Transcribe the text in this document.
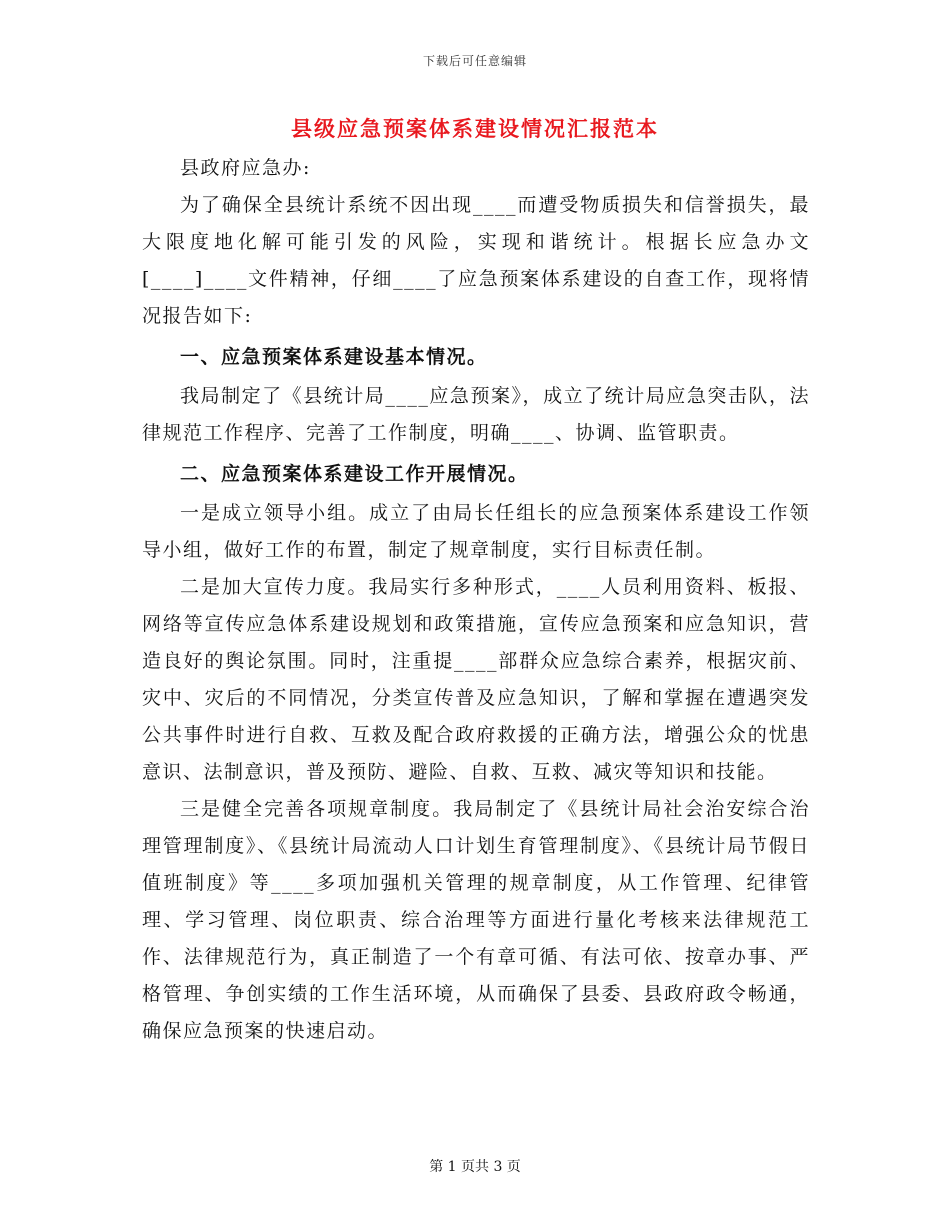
下载后可任意编辑
县级应急预案体系建设情况汇报范本

县政府应急办:

为了确保全县统计系统不因出现____而遭受物质损失和信誉损失，最大限度地化解可能引发的风险，实现和谐统计。根据长应急办文[____]____文件精神，仔细____了应急预案体系建设的自查工作，现将情况报告如下:

一、应急预案体系建设基本情况。

我局制定了《县统计局____应急预案》，成立了统计局应急突击队，法律规范工作程序、完善了工作制度，明确____、协调、监管职责。

二、应急预案体系建设工作开展情况。

一是成立领导小组。成立了由局长任组长的应急预案体系建设工作领导小组，做好工作的布置，制定了规章制度，实行目标责任制。

二是加大宣传力度。我局实行多种形式，____人员利用资料、板报、网络等宣传应急体系建设规划和政策措施，宣传应急预案和应急知识，营造良好的舆论氛围。同时，注重提____部群众应急综合素养，根据灾前、灾中、灾后的不同情况，分类宣传普及应急知识，了解和掌握在遭遇突发公共事件时进行自救、互救及配合政府救援的正确方法，增强公众的忧患意识、法制意识，普及预防、避险、自救、互救、减灾等知识和技能。

三是健全完善各项规章制度。我局制定了《县统计局社会治安综合治理管理制度》、《县统计局流动人口计划生育管理制度》、《县统计局节假日值班制度》等____多项加强机关管理的规章制度，从工作管理、纪律管理、学习管理、岗位职责、综合治理等方面进行量化考核来法律规范工作、法律规范行为，真正制造了一个有章可循、有法可依、按章办事、严格管理、争创实绩的工作生活环境，从而确保了县委、县政府政令畅通，确保应急预案的快速启动。

第 1 页共 3 页
